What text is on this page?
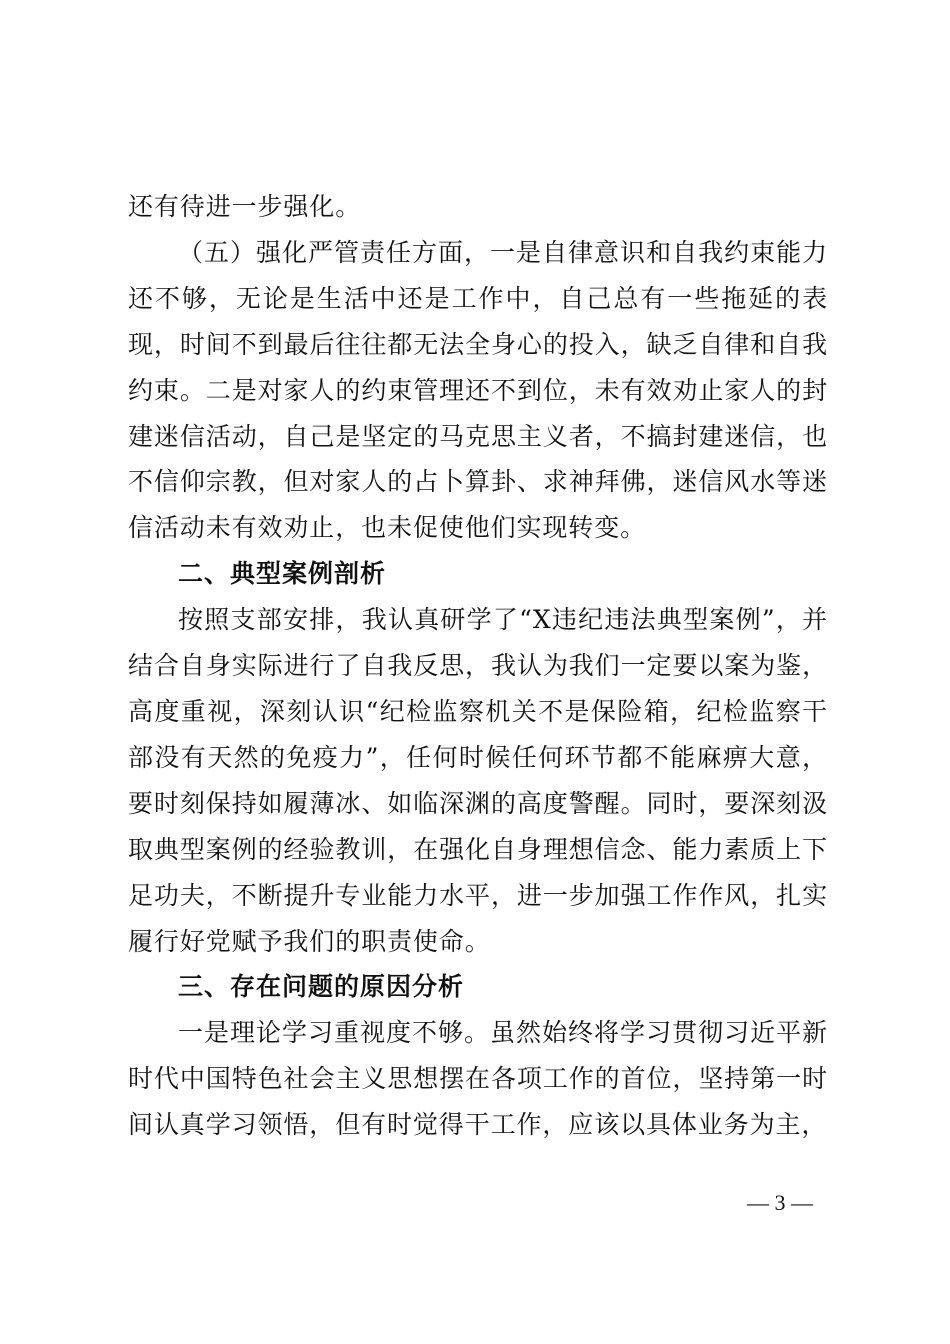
还有待进一步强化。

（五）强化严管责任方面，一是自律意识和自我约束能力还不够，无论是生活中还是工作中，自己总有一些拖延的表现，时间不到最后往往都无法全身心的投入，缺乏自律和自我约束。二是对家人的约束管理还不到位，未有效劝止家人的封建迷信活动，自己是坚定的马克思主义者，不搞封建迷信，也不信仰宗教，但对家人的占卜算卦、求神拜佛，迷信风水等迷信活动未有效劝止，也未促使他们实现转变。

二、典型案例剖析

按照支部安排，我认真研学了“X违纪违法典型案例”，并结合自身实际进行了自我反思，我认为我们一定要以案为鉴，高度重视，深刻认识“纪检监察机关不是保险箱，纪检监察干部没有天然的免疫力”，任何时候任何环节都不能麻痹大意，要时刻保持如履薄冰、如临深渊的高度警醒。同时，要深刻汲取典型案例的经验教训，在强化自身理想信念、能力素质上下足功夫，不断提升专业能力水平，进一步加强工作作风，扎实履行好党赋予我们的职责使命。

三、存在问题的原因分析

一是理论学习重视度不够。虽然始终将学习贯彻习近平新时代中国特色社会主义思想摆在各项工作的首位，坚持第一时间认真学习领悟，但有时觉得干工作，应该以具体业务为主，

— 3 —
